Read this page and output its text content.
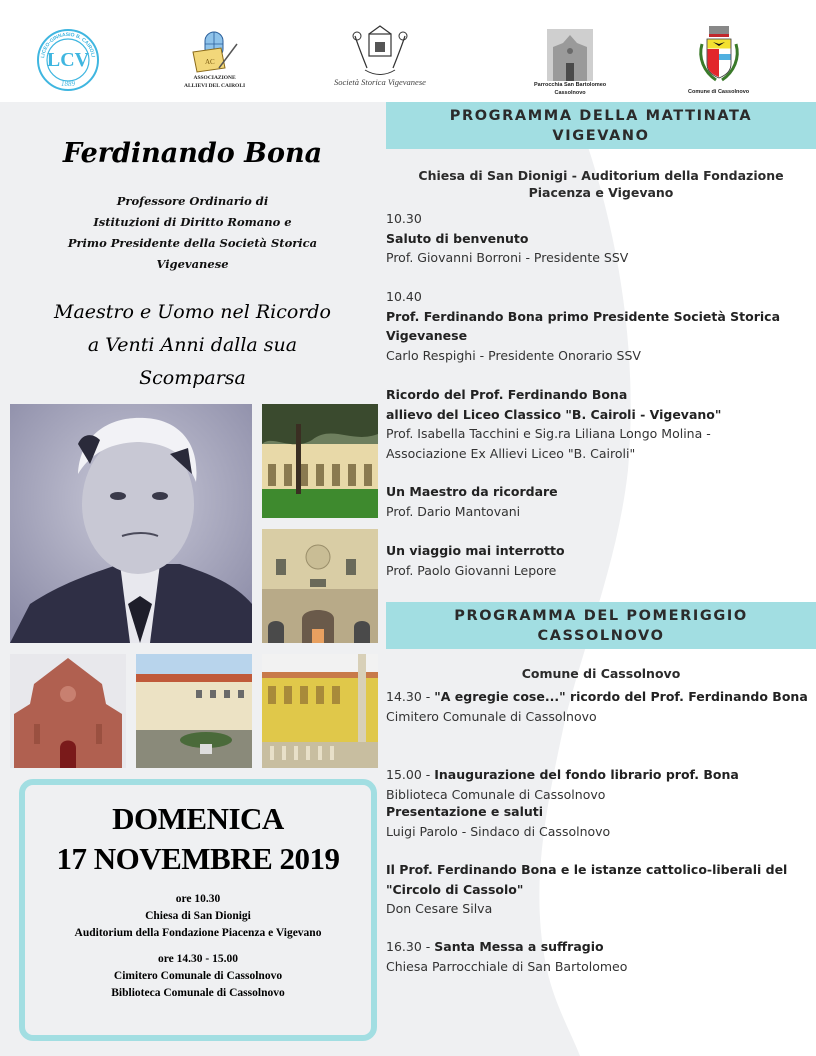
LCV
1889
LICEO-GINNASIO B. CAIROLI
AC
ASSOCIAZIONE
ALLIEVI DEL CAIROLI	Società Storica Vigevanese	Parrocchia San Bartolomeo
Cassolnovo	Comune di Cassolnovo
Ferdinando Bona
Professore Ordinario di
Istituzioni di Diritto Romano e
Primo Presidente della Società Storica
Vigevanese
Maestro e Uomo nel Ricordo
a Venti Anni dalla sua
Scomparsa
DOMENICA
17 NOVEMBRE 2019
ore 10.30
Chiesa di San Dionigi
Auditorium della Fondazione Piacenza e Vigevano
ore 14.30 - 15.00
Cimitero Comunale di Cassolnovo
Biblioteca Comunale di Cassolnovo
PROGRAMMA DELLA MATTINATA
VIGEVANO
Chiesa di San Dionigi - Auditorium della Fondazione
Piacenza e Vigevano
10.30
Saluto di benvenuto
Prof. Giovanni Borroni - Presidente SSV
10.40
Prof. Ferdinando Bona primo Presidente Società Storica
Vigevanese
Carlo Respighi - Presidente Onorario SSV
Ricordo del Prof. Ferdinando Bona
allievo del Liceo Classico "B. Cairoli - Vigevano"
Prof. Isabella Tacchini e Sig.ra Liliana Longo Molina -
Associazione Ex Allievi Liceo "B. Cairoli"
Un Maestro da ricordare
Prof. Dario Mantovani
Un viaggio mai interrotto
Prof. Paolo Giovanni Lepore
PROGRAMMA DEL POMERIGGIO
CASSOLNOVO
Comune di Cassolnovo
14.30 - "A egregie cose..." ricordo del Prof. Ferdinando Bona
Cimitero Comunale di Cassolnovo
15.00 - Inaugurazione del fondo librario prof. Bona
Biblioteca Comunale di Cassolnovo
Presentazione e saluti
Luigi Parolo - Sindaco di Cassolnovo
Il Prof. Ferdinando Bona e le istanze cattolico-liberali del
"Circolo di Cassolo"
Don Cesare Silva
16.30 - Santa Messa a suffragio
Chiesa Parrocchiale di San Bartolomeo
